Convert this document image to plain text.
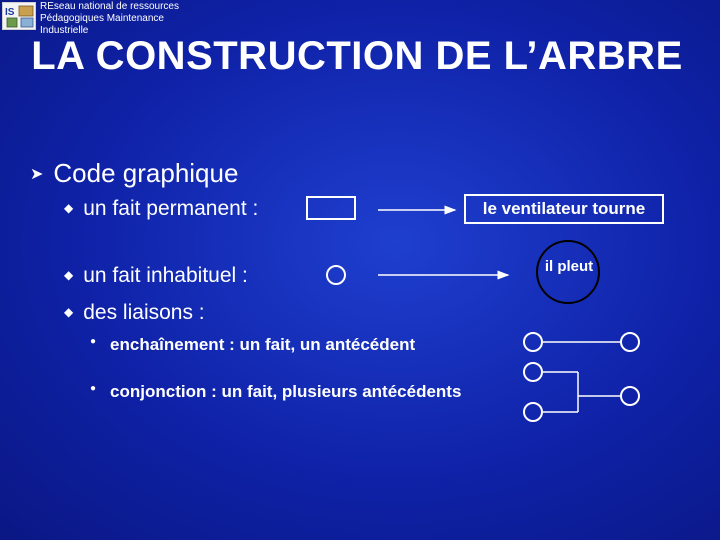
IS
REseau national de ressources
Pédagogiques Maintenance
Industrielle
LA CONSTRUCTION DE L’ARBRE
➤ Code graphique
◆ un fait permanent :	le ventilateur tourne
◆ un fait inhabituel :	il pleut
◆ des liaisons :
● enchaînement : un fait, un antécédent
● conjonction : un fait, plusieurs antécédents
